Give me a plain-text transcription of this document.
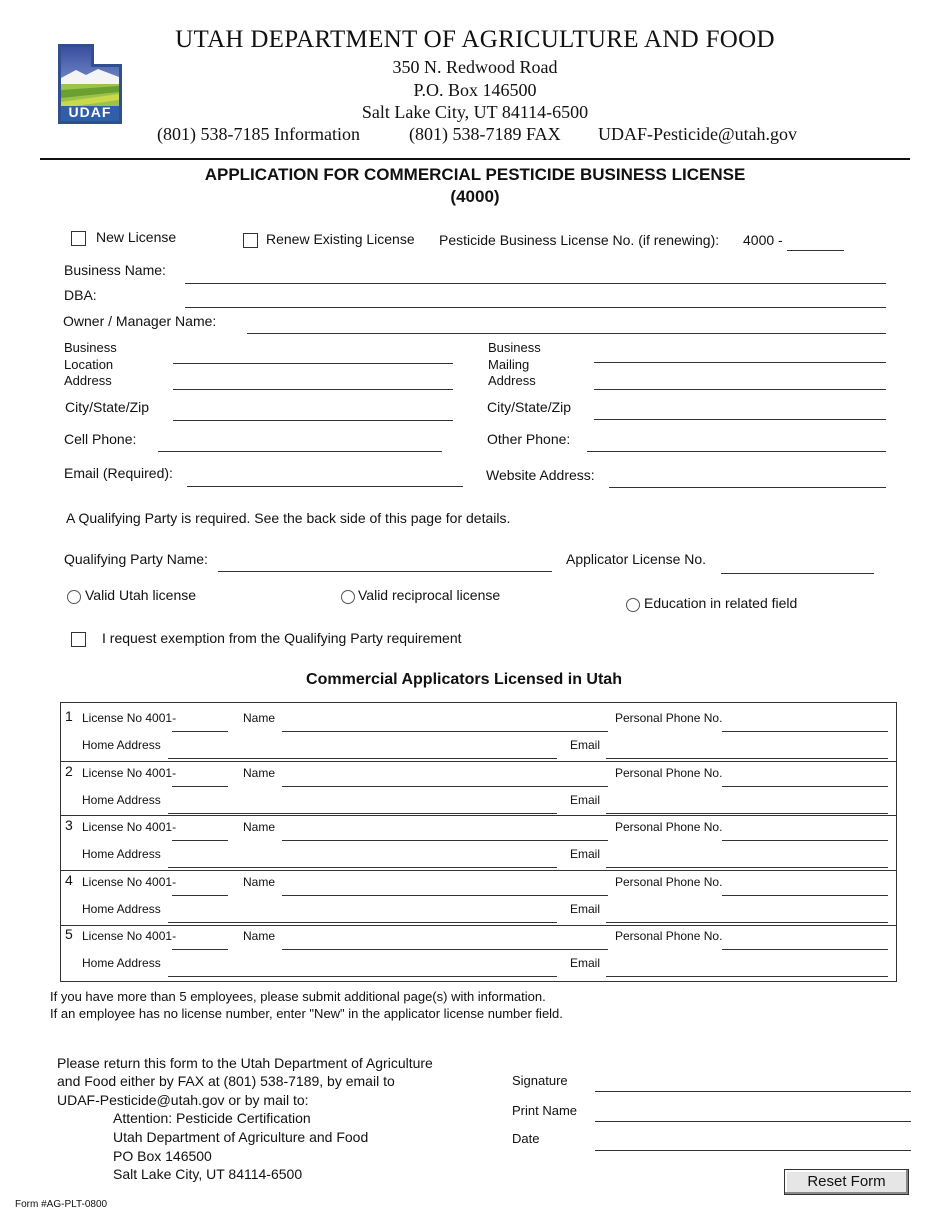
UDAF
UTAH DEPARTMENT OF AGRICULTURE AND FOOD
350 N. Redwood Road
P.O. Box 146500
Salt Lake City, UT 84114-6500
(801) 538-7185 Information	(801) 538-7189 FAX UDAF-Pesticide@utah.gov
APPLICATION FOR COMMERCIAL PESTICIDE BUSINESS LICENSE
(4000)
New License	Renew Existing License Pesticide Business License No. (if renewing): 4000 -
Business Name:
DBA:
Owner / Manager Name:
Business
Location
Address
Business
Mailing
Address
City/State/Zip	City/State/Zip
Cell Phone:	Other Phone:
Email (Required):	Website Address:
A Qualifying Party is required. See the back side of this page for details.
Qualifying Party Name:	Applicator License No.
Valid Utah license	Valid reciprocal license	Education in related field
I request exemption from the Qualifying Party requirement
Commercial Applicators Licensed in Utah
1 License No 4001-	Name	Personal Phone No.
Home Address	Email
2 License No 4001-	Name	Personal Phone No.
Home Address	Email
3 License No 4001-	Name	Personal Phone No.
Home Address	Email
4 License No 4001-	Name	Personal Phone No.
Home Address	Email
5 License No 4001-	Name	Personal Phone No.
Home Address	Email
If you have more than 5 employees, please submit additional page(s) with information.
If an employee has no license number, enter "New" in the applicator license number field.
Please return this form to the Utah Department of Agriculture
and Food either by FAX at (801) 538-7189, by email to
UDAF-Pesticide@utah.gov or by mail to:
Attention: Pesticide Certification
Utah Department of Agriculture and Food
PO Box 146500
Salt Lake City, UT 84114-6500
Signature
Print Name
Date
Reset Form
Form #AG-PLT-0800
